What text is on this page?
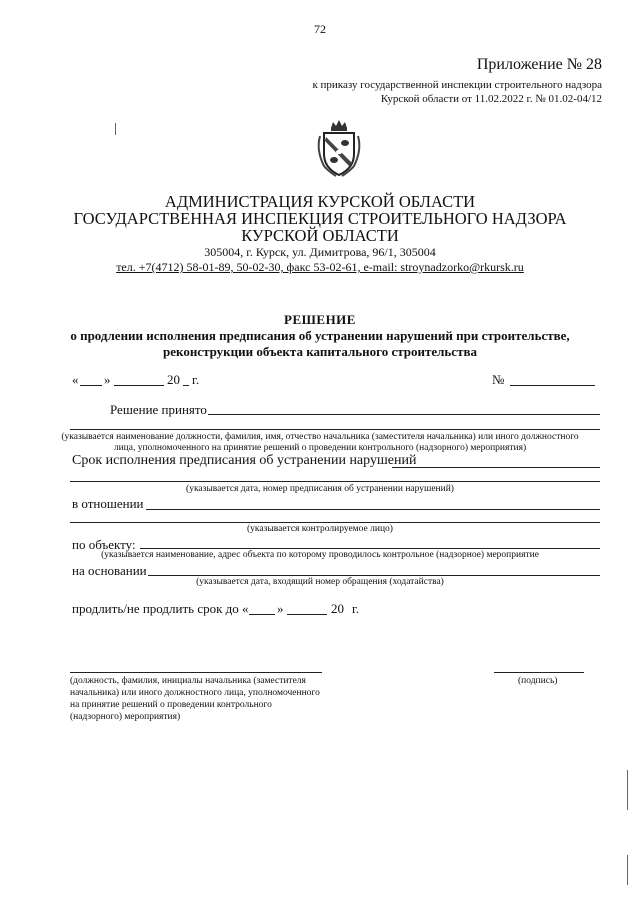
72
Приложение № 28
к приказу государственной инспекции строительного надзора
Курской области от 11.02.2022 г. № 01.02-04/12
АДМИНИСТРАЦИЯ КУРСКОЙ ОБЛАСТИ
ГОСУДАРСТВЕННАЯ ИНСПЕКЦИЯ СТРОИТЕЛЬНОГО НАДЗОРА
КУРСКОЙ ОБЛАСТИ
305004, г. Курск, ул. Димитрова, 96/1, 305004
тел. +7(4712) 58-01-89, 50-02-30, факс 53-02-61, e-mail: stroynadzorko@rkursk.ru
РЕШЕНИЕ
о продлении исполнения предписания об устранении нарушений при строительстве,
реконструкции объекта капитального строительства
« »	20 г.	№
Решение принято
(указывается наименование должности, фамилия, имя, отчество начальника (заместителя начальника) или иного должностного
лица, уполномоченного на принятие решений о проведении контрольного (надзорного) мероприятия)
Срок исполнения предписания об устранении нарушений
(указывается дата, номер предписания об устранении нарушений)
в отношении
(указывается контролируемое лицо)
по объекту:
(указывается наименование, адрес объекта по которому проводилось контрольное (надзорное) мероприятие
на основании
(указывается дата, входящий номер обращения (ходатайства)
продлить/не продлить срок до « »	20 г.
(должность, фамилия, инициалы начальника (заместителя
начальника) или иного должностного лица, уполномоченного
на принятие решений о проведении контрольного
(надзорного) мероприятия)
(подпись)
